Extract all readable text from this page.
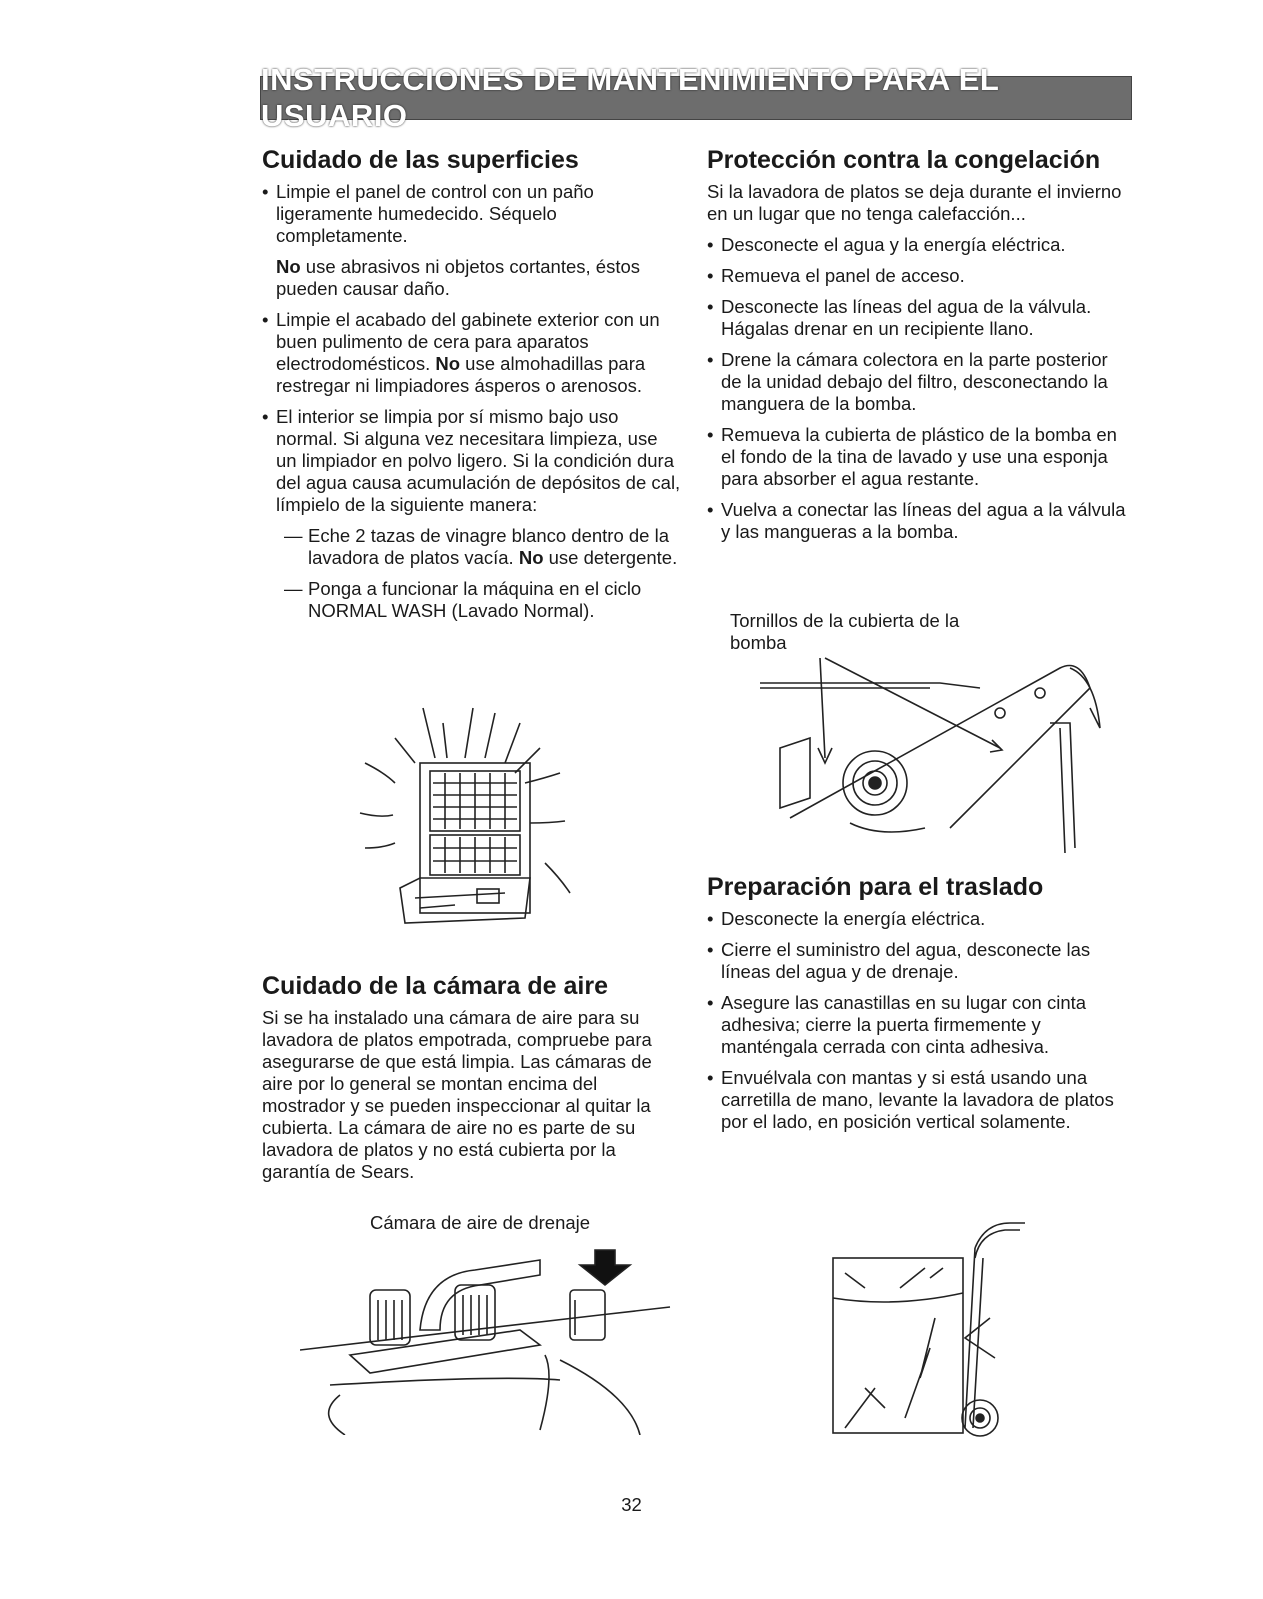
INSTRUCCIONES DE MANTENIMIENTO PARA EL USUARIO
Cuidado de las superficies
• Limpie el panel de control con un paño ligeramente humedecido. Séquelo completamente.
No use abrasivos ni objetos cortantes, éstos pueden causar daño.
• Limpie el acabado del gabinete exterior con un buen pulimento de cera para aparatos electrodomésticos. No use almohadillas para restregar ni limpiadores ásperos o arenosos.
• El interior se limpia por sí mismo bajo uso normal. Si alguna vez necesitara limpieza, use un limpiador en polvo ligero. Si la condición dura del agua causa acumulación de depósitos de cal, límpielo de la siguiente manera:
— Eche 2 tazas de vinagre blanco dentro de la lavadora de platos vacía. No use detergente.
— Ponga a funcionar la máquina en el ciclo NORMAL WASH (Lavado Normal).
Cuidado de la cámara de aire

Si se ha instalado una cámara de aire para su lavadora de platos empotrada, compruebe para asegurarse de que está limpia. Las cámaras de aire por lo general se montan encima del mostrador y se pueden inspeccionar al quitar la cubierta. La cámara de aire no es parte de su lavadora de platos y no está cubierta por la garantía de Sears.

Cámara de aire de drenaje
Protección contra la congelación

Si la lavadora de platos se deja durante el invierno en un lugar que no tenga calefacción...

• Desconecte el agua y la energía eléctrica.
• Remueva el panel de acceso.
• Desconecte las líneas del agua de la válvula. Hágalas drenar en un recipiente llano.
• Drene la cámara colectora en la parte posterior de la unidad debajo del filtro, desconectando la manguera de la bomba.
• Remueva la cubierta de plástico de la bomba en el fondo de la tina de lavado y use una esponja para absorber el agua restante.
• Vuelva a conectar las líneas del agua a la válvula y las mangueras a la bomba.
Tornillos de la cubierta de la bomba
Preparación para el traslado
• Desconecte la energía eléctrica.
• Cierre el suministro del agua, desconecte las líneas del agua y de drenaje.
• Asegure las canastillas en su lugar con cinta adhesiva; cierre la puerta firmemente y manténgala cerrada con cinta adhesiva.
• Envuélvala con mantas y si está usando una carretilla de mano, levante la lavadora de platos por el lado, en posición vertical solamente.
32
